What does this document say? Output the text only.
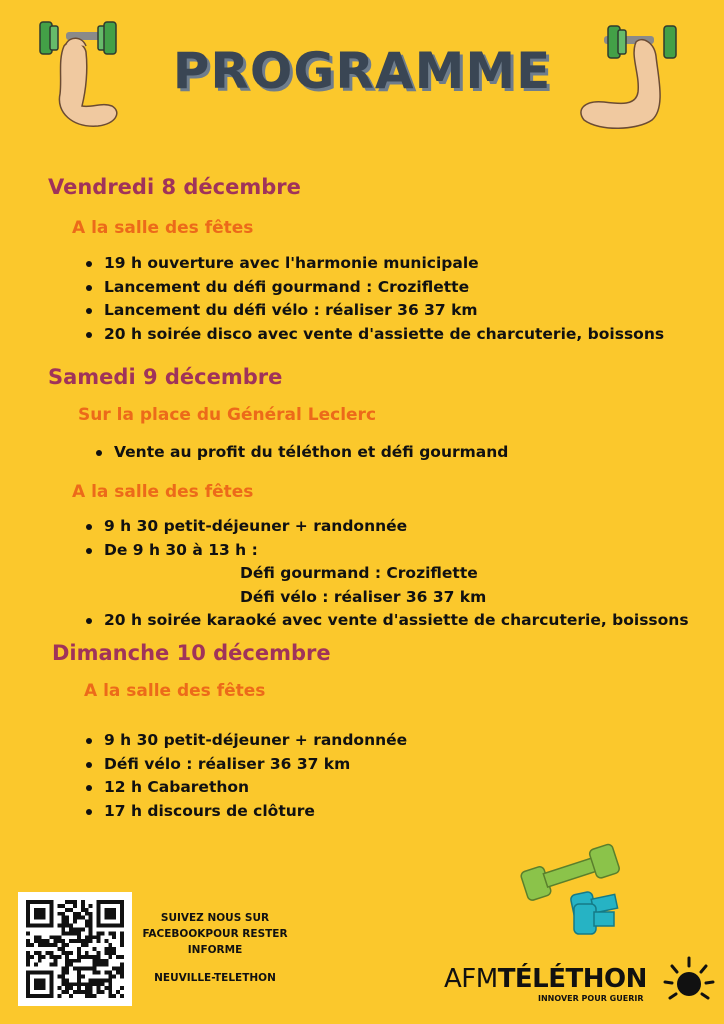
PROGRAMME
Vendredi 8 décembre
A la salle des fêtes
19 h ouverture avec l'harmonie municipale
Lancement du défi gourmand : Croziflette
Lancement du défi vélo : réaliser 36 37 km
20 h soirée disco avec vente d'assiette de charcuterie, boissons
Samedi 9 décembre
Sur la place du Général Leclerc
Vente au profit du téléthon et défi gourmand
A la salle des fêtes
9 h 30 petit-déjeuner + randonnée
De 9 h 30 à 13 h :
Défi gourmand : Croziflette
Défi vélo : réaliser 36 37 km
20 h soirée karaoké avec vente d'assiette de charcuterie, boissons
Dimanche 10 décembre
A la salle des fêtes
9 h 30 petit-déjeuner + randonnée
Défi vélo : réaliser 36 37 km
12 h Cabarethon
17 h discours de clôture
SUIVEZ NOUS SUR
FACEBOOKPOUR RESTER
INFORME
NEUVILLE-TELETHON	AFMTÉLÉTHON
INNOVER POUR GUERIR
